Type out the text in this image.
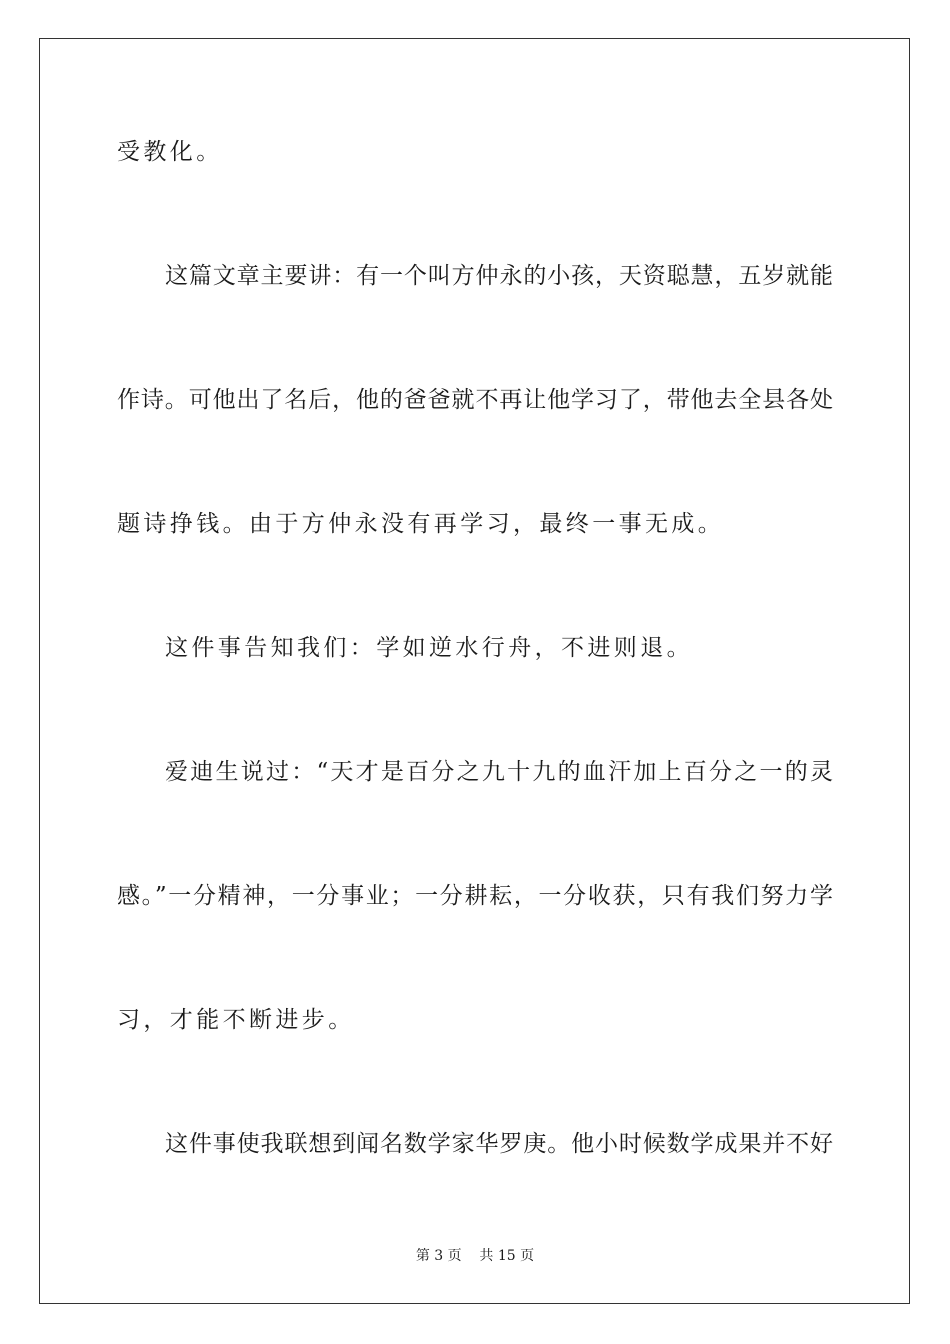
受教化。
这篇文章主要讲：有一个叫方仲永的小孩，天资聪慧，五岁就能
作诗。可他出了名后，他的爸爸就不再让他学习了，带他去全县各处
题诗挣钱。由于方仲永没有再学习，最终一事无成。
这件事告知我们：学如逆水行舟，不进则退。
爱迪生说过：“天才是百分之九十九的血汗加上百分之一的灵
感。”一分精神，一分事业；一分耕耘，一分收获，只有我们努力学
习，才能不断进步。
这件事使我联想到闻名数学家华罗庚。他小时候数学成果并不好
第 3 页    共 15 页
